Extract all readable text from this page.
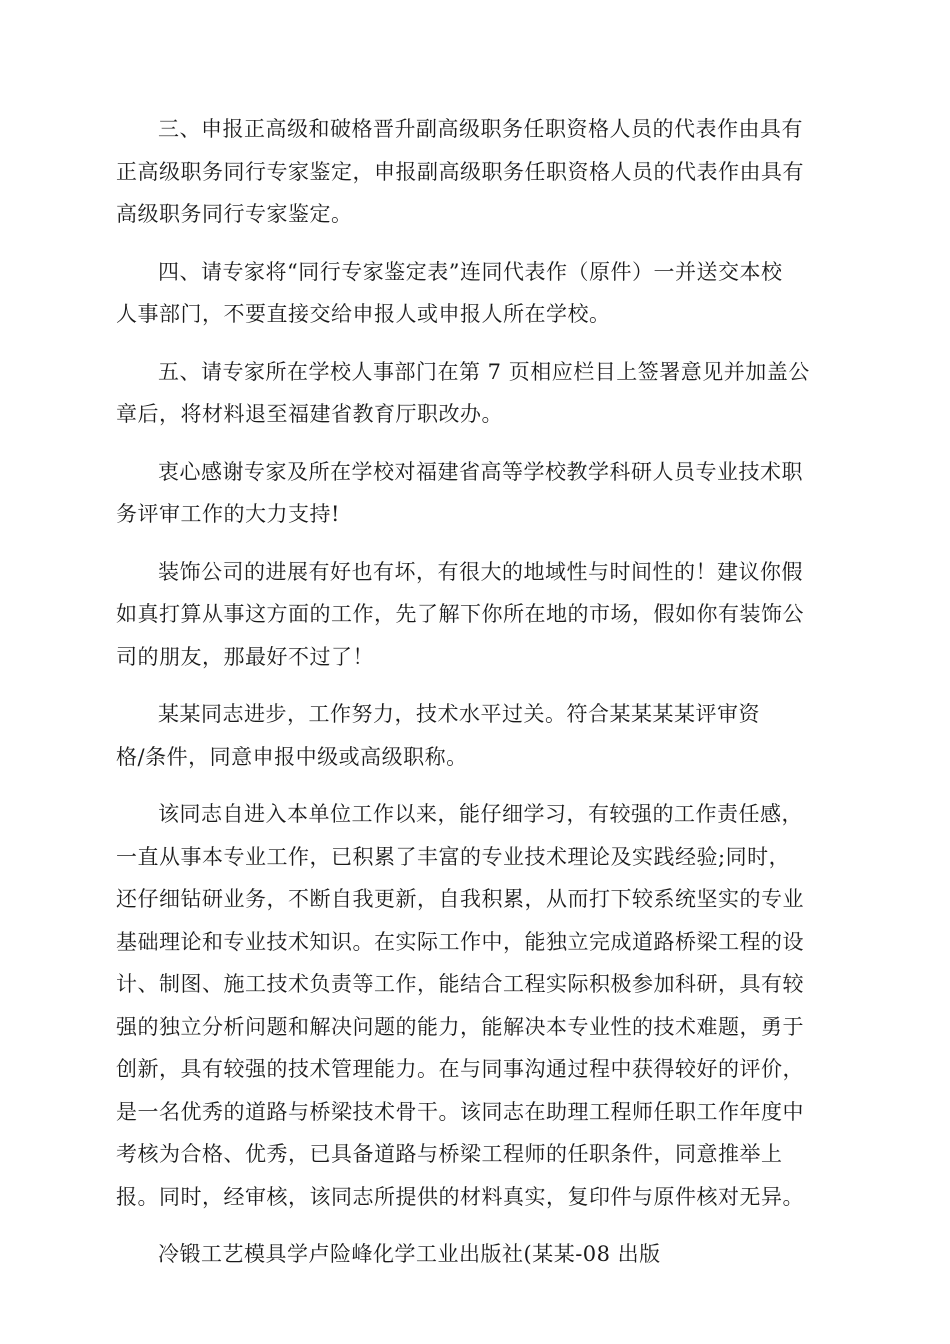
三、申报正高级和破格晋升副高级职务任职资格人员的代表作由具有
正高级职务同行专家鉴定，申报副高级职务任职资格人员的代表作由具有
高级职务同行专家鉴定。

四、请专家将“同行专家鉴定表”连同代表作（原件）一并送交本校
人事部门，不要直接交给申报人或申报人所在学校。

五、请专家所在学校人事部门在第 7 页相应栏目上签署意见并加盖公
章后，将材料退至福建省教育厅职改办。

衷心感谢专家及所在学校对福建省高等学校教学科研人员专业技术职
务评审工作的大力支持!

装饰公司的进展有好也有坏，有很大的地域性与时间性的！建议你假
如真打算从事这方面的工作，先了解下你所在地的市场，假如你有装饰公
司的朋友，那最好不过了！

某某同志进步，工作努力，技术水平过关。符合某某某某评审资
格/条件，同意申报中级或高级职称。

该同志自进入本单位工作以来，能仔细学习，有较强的工作责任感，
一直从事本专业工作，已积累了丰富的专业技术理论及实践经验;同时，
还仔细钻研业务，不断自我更新，自我积累，从而打下较系统坚实的专业
基础理论和专业技术知识。在实际工作中，能独立完成道路桥梁工程的设
计、制图、施工技术负责等工作，能结合工程实际积极参加科研，具有较
强的独立分析问题和解决问题的能力，能解决本专业性的技术难题，勇于
创新，具有较强的技术管理能力。在与同事沟通过程中获得较好的评价，
是一名优秀的道路与桥梁技术骨干。该同志在助理工程师任职工作年度中
考核为合格、优秀，已具备道路与桥梁工程师的任职条件，同意推举上
报。同时，经审核，该同志所提供的材料真实，复印件与原件核对无异。

冷锻工艺模具学卢险峰化学工业出版社(某某-08 出版
